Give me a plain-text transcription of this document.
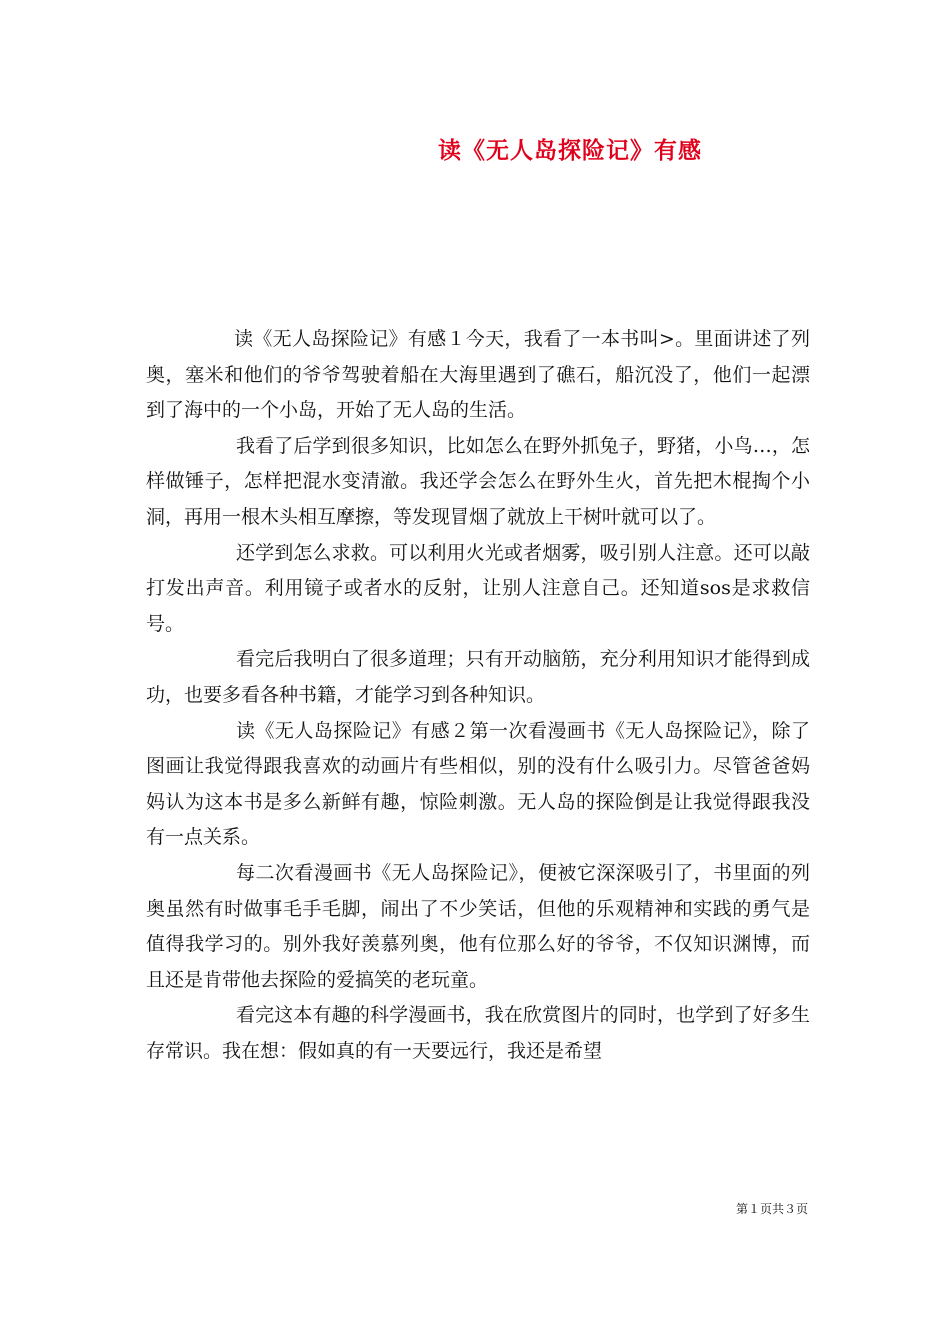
读《无人岛探险记》有感

读《无人岛探险记》有感１今天，我看了一本书叫>。里面讲述了列奥，塞米和他们的爷爷驾驶着船在大海里遇到了礁石，船沉没了，他们一起漂到了海中的一个小岛，开始了无人岛的生活。

我看了后学到很多知识，比如怎么在野外抓兔子，野猪，小鸟…，怎样做锤子，怎样把混水变清澈。我还学会怎么在野外生火，首先把木棍掏个小洞，再用一根木头相互摩擦，等发现冒烟了就放上干树叶就可以了。

还学到怎么求救。可以利用火光或者烟雾，吸引别人注意。还可以敲打发出声音。利用镜子或者水的反射，让别人注意自己。还知道sos是求救信号。

看完后我明白了很多道理；只有开动脑筋，充分利用知识才能得到成功，也要多看各种书籍，才能学习到各种知识。

读《无人岛探险记》有感２第一次看漫画书《无人岛探险记》，除了图画让我觉得跟我喜欢的动画片有些相似，别的没有什么吸引力。尽管爸爸妈妈认为这本书是多么新鲜有趣，惊险刺激。无人岛的探险倒是让我觉得跟我没有一点关系。

每二次看漫画书《无人岛探险记》，便被它深深吸引了，书里面的列奥虽然有时做事毛手毛脚，闹出了不少笑话，但他的乐观精神和实践的勇气是值得我学习的。别外我好羡慕列奥，他有位那么好的爷爷，不仅知识渊博，而且还是肯带他去探险的爱搞笑的老玩童。

看完这本有趣的科学漫画书，我在欣赏图片的同时，也学到了好多生存常识。我在想：假如真的有一天要远行，我还是希望

第１页共３页
